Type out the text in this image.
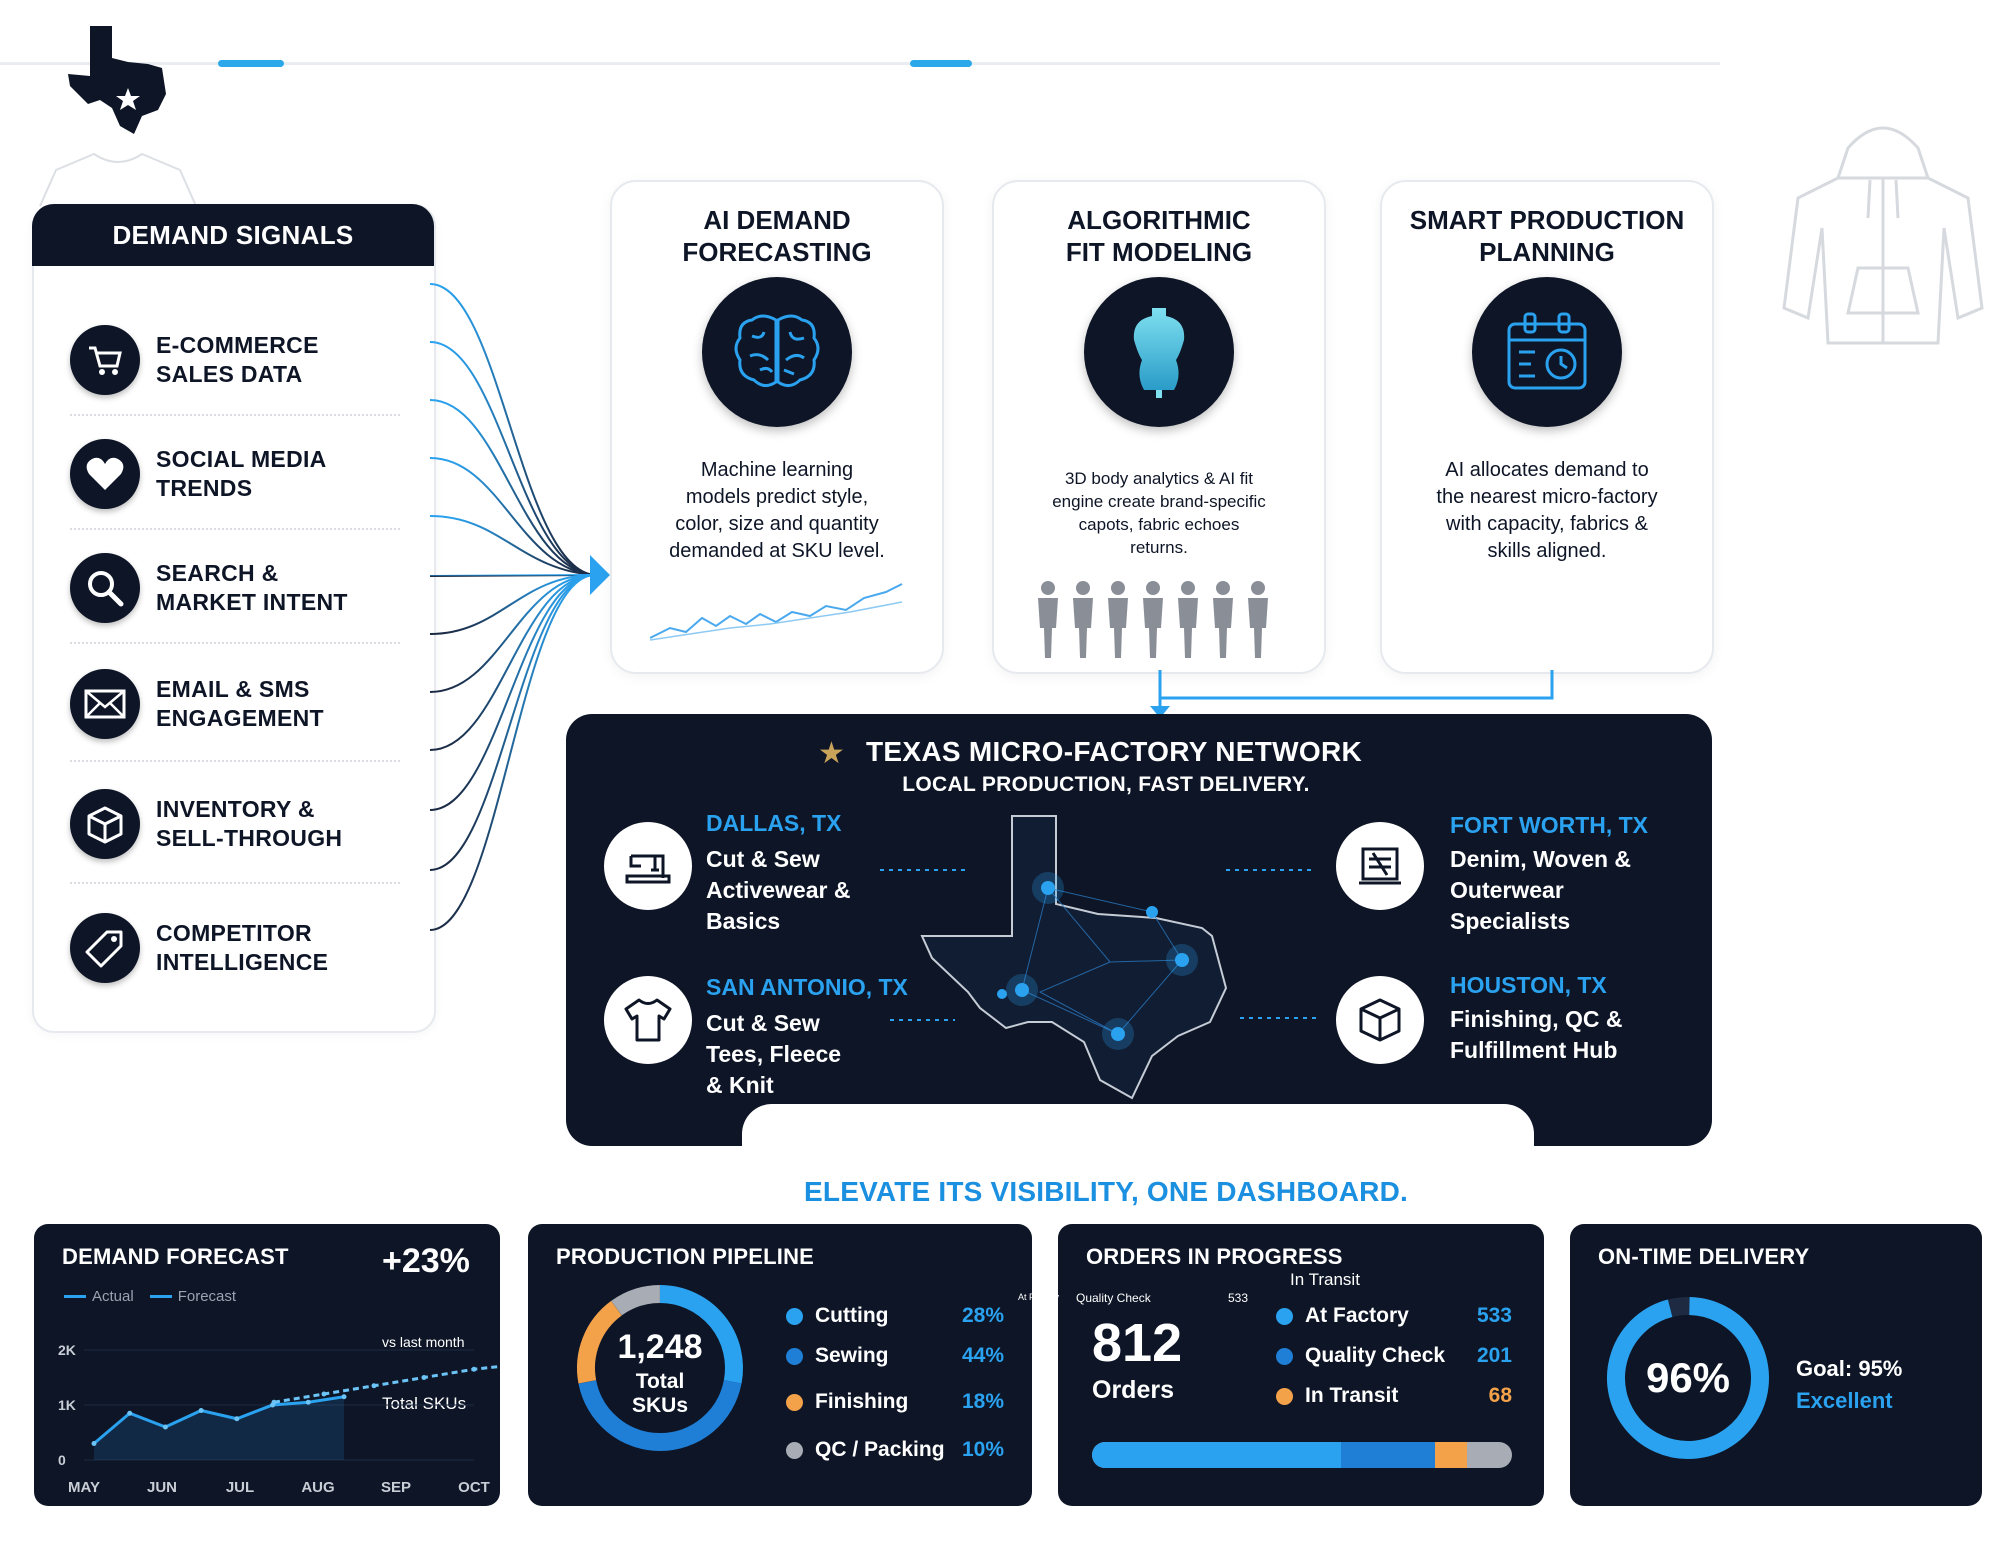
DEMAND SIGNALS
E-COMMERCE
SALES DATA
SOCIAL MEDIA
TRENDS
SEARCH &
MARKET INTENT
EMAIL & SMS
ENGAGEMENT
INVENTORY &
SELL-THROUGH
COMPETITOR
INTELLIGENCE
AI DEMAND
FORECASTING
Machine learning
models predict style,
color, size and quantity
demanded at SKU level.
ALGORITHMIC
FIT MODELING
3D body analytics & AI fit
engine create brand-specific
capots, fabric echoes
returns.
SMART PRODUCTION
PLANNING
AI allocates demand to
the nearest micro-factory
with capacity, fabrics &
skills aligned.
★ TEXAS MICRO-FACTORY NETWORK
LOCAL PRODUCTION, FAST DELIVERY.
DALLAS, TX
Cut & Sew
Activewear &
Basics
SAN ANTONIO, TX
Cut & Sew
Tees, Fleece
& Knit
FORT WORTH, TX
Denim, Woven &
Outerwear
Specialists
HOUSTON, TX
Finishing, QC &
Fulfillment Hub
ELEVATE ITS VISIBILITY, ONE DASHBOARD.
DEMAND FORECAST	+23%
vs last month
Total SKUs
Actual	Forecast
0
1K
2K
MAY	JUN	JUL	AUG	SEP	OCT
PRODUCTION PIPELINE
1,248
Total
SKUs
Cutting	28%
Sewing	44%
Finishing	18%
QC / Packing 10%
ORDERS IN PROGRESS
In Transit
At Factory Quality Check	533
812
Orders
At Factory	533
Quality Check	201
In Transit	68
ON-TIME DELIVERY
96%	Goal: 95%
Excellent
